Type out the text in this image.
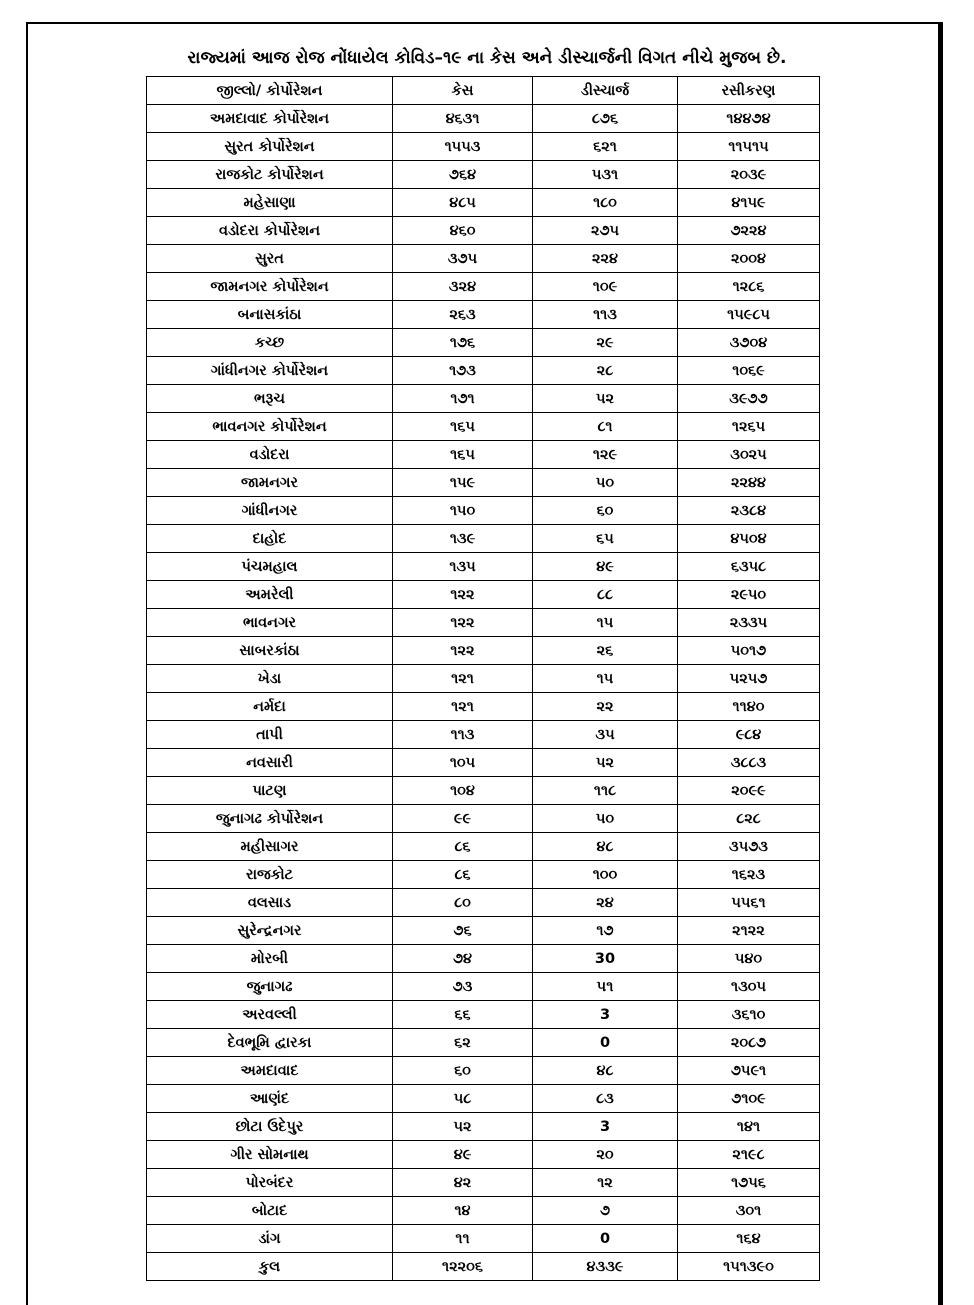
રાજ્યમાં આજ રોજ નોંધાયેલ કોવિડ–૧૯ ના કેસ અને ડીસ્ચાર્જની વિગત નીચે મુજબ છે.
જીલ્લો/ કોર્પોરેશન	કેસ	ડીસ્ચાર્જ	રસીકરણ
અમદાવાદ કોર્પોરેશન	૪૬૩૧	૮૭૬	૧૪૪૭૪
સુરત કોર્પોરેશન	૧૫૫૩	૬૨૧	૧૧૫૧૫
રાજકોટ કોર્પોરેશન	૭૬૪	૫૩૧	૨૦૩૯
મહેસાણા	૪૮૫	૧૮૦	૪૧૫૯
વડોદરા કોર્પોરેશન	૪૬૦	૨૭૫	૭૨૨૪
સુરત	૩૭૫	૨૨૪	૨૦૦૪
જામનગર કોર્પોરેશન	૩૨૪	૧૦૯	૧૨૮૬
બનાસકાંઠા	૨૬૩	૧૧૩	૧૫૯૮૫
કચ્છ	૧૭૬	૨૯	૩૭૦૪
ગાંધીનગર કોર્પોરેશન	૧૭૩	૨૮	૧૦૬૯
ભરૂચ	૧૭૧	૫૨	૩૯૭૭
ભાવનગર કોર્પોરેશન	૧૬૫	૮૧	૧૨૬૫
વડોદરા	૧૬૫	૧૨૯	૩૦૨૫
જામનગર	૧૫૯	૫૦	૨૨૪૪
ગાંધીનગર	૧૫૦	૬૦	૨૩૮૪
દાહોદ	૧૩૯	૬૫	૪૫૦૪
પંચમહાલ	૧૩૫	૪૯	૬૩૫૮
અમરેલી	૧૨૨	૮૮	૨૯૫૦
ભાવનગર	૧૨૨	૧૫	૨૩૩૫
સાબરકાંઠા	૧૨૨	૨૬	૫૦૧૭
ખેડા	૧૨૧	૧૫	૫૨૫૭
નર્મદા	૧૨૧	૨૨	૧૧૪૦
તાપી	૧૧૩	૩૫	૯૮૪
નવસારી	૧૦૫	૫૨	૩૮૮૩
પાટણ	૧૦૪	૧૧૮	૨૦૯૯
જુનાગઢ કોર્પોરેશન	૯૯	૫૦	૮૨૮
મહીસાગર	૮૬	૪૮	૩૫૭૩
રાજકોટ	૮૬	૧૦૦	૧૬૨૩
વલસાડ	૮૦	૨૪	૫૫૬૧
સુરેન્દ્રનગર	૭૬	૧૭	૨૧૨૨
મોરબી	૭૪	30	૫૪૦
જુનાગઢ	૭૩	૫૧	૧૩૦૫
અરવલ્લી	૬૬	3	૩૬૧૦
દેવભૂમિ દ્વારકા	૬૨	0	૨૦૮૭
અમદાવાદ	૬૦	૪૮	૭૫૯૧
આણંદ	૫૮	૮૩	૭૧૦૯
છોટા ઉદેપુર	૫૨	3	૧૪૧
ગીર સોમનાથ	૪૯	૨૦	૨૧૯૮
પોરબંદર	૪૨	૧૨	૧૭૫૬
બોટાદ	૧૪	૭	૩૦૧
ડાંગ	૧૧	0	૧૬૪
કુલ	૧૨૨૦૬	૪૩૩૯	૧૫૧૩૯૦
